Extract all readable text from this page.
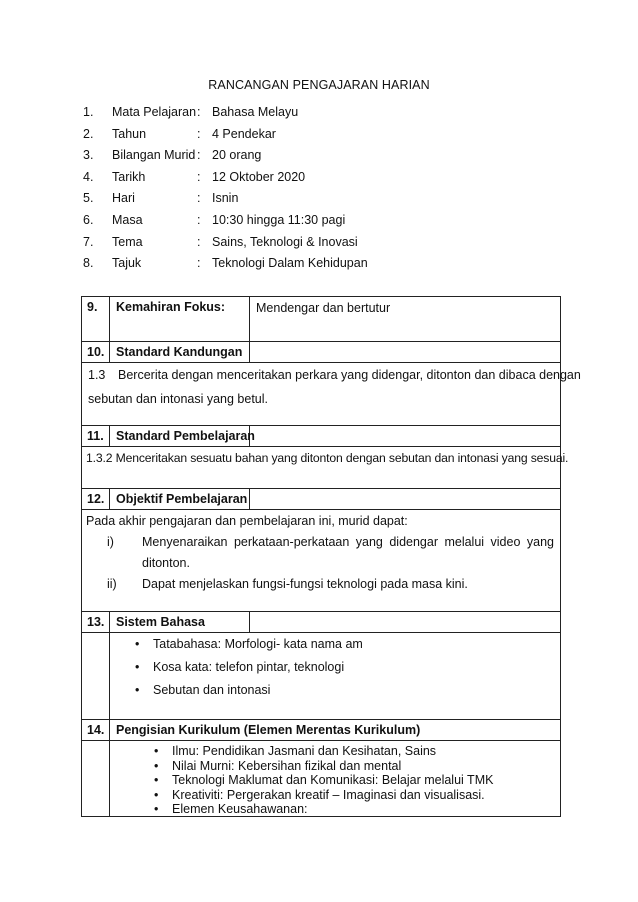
RANCANGAN PENGAJARAN HARIAN
1. Mata Pelajaran : Bahasa Melayu
2. Tahun	: 4 Pendekar
3. Bilangan Murid : 20 orang
4. Tarikh	: 12 Oktober 2020
5. Hari	: Isnin
6. Masa	: 10:30 hingga 11:30 pagi
7. Tema	: Sains, Teknologi & Inovasi
8. Tajuk	: Teknologi Dalam Kehidupan
9.	Kemahiran Fokus:	Mendengar dan bertutur
10. Standard Kandungan
1.3	Bercerita dengan menceritakan perkara yang didengar, ditonton dan dibaca dengan
sebutan dan intonasi yang betul.
11. Standard Pembelajaran
1.3.2 Menceritakan sesuatu bahan yang ditonton dengan sebutan dan intonasi yang sesuai.
12. Objektif Pembelajaran
Pada akhir pengajaran dan pembelajaran ini, murid dapat:
i) Menyenaraikan perkataan-perkataan yang didengar melalui video yang
ditonton.
ii) Dapat menjelaskan fungsi-fungsi teknologi pada masa kini.
13. Sistem Bahasa
• Tatabahasa: Morfologi- kata nama am
• Kosa kata: telefon pintar, teknologi
• Sebutan dan intonasi
14. Pengisian Kurikulum (Elemen Merentas Kurikulum)
• Ilmu: Pendidikan Jasmani dan Kesihatan, Sains
• Nilai Murni: Kebersihan fizikal dan mental
• Teknologi Maklumat dan Komunikasi: Belajar melalui TMK
• Kreativiti: Pergerakan kreatif – Imaginasi dan visualisasi.
• Elemen Keusahawanan:
